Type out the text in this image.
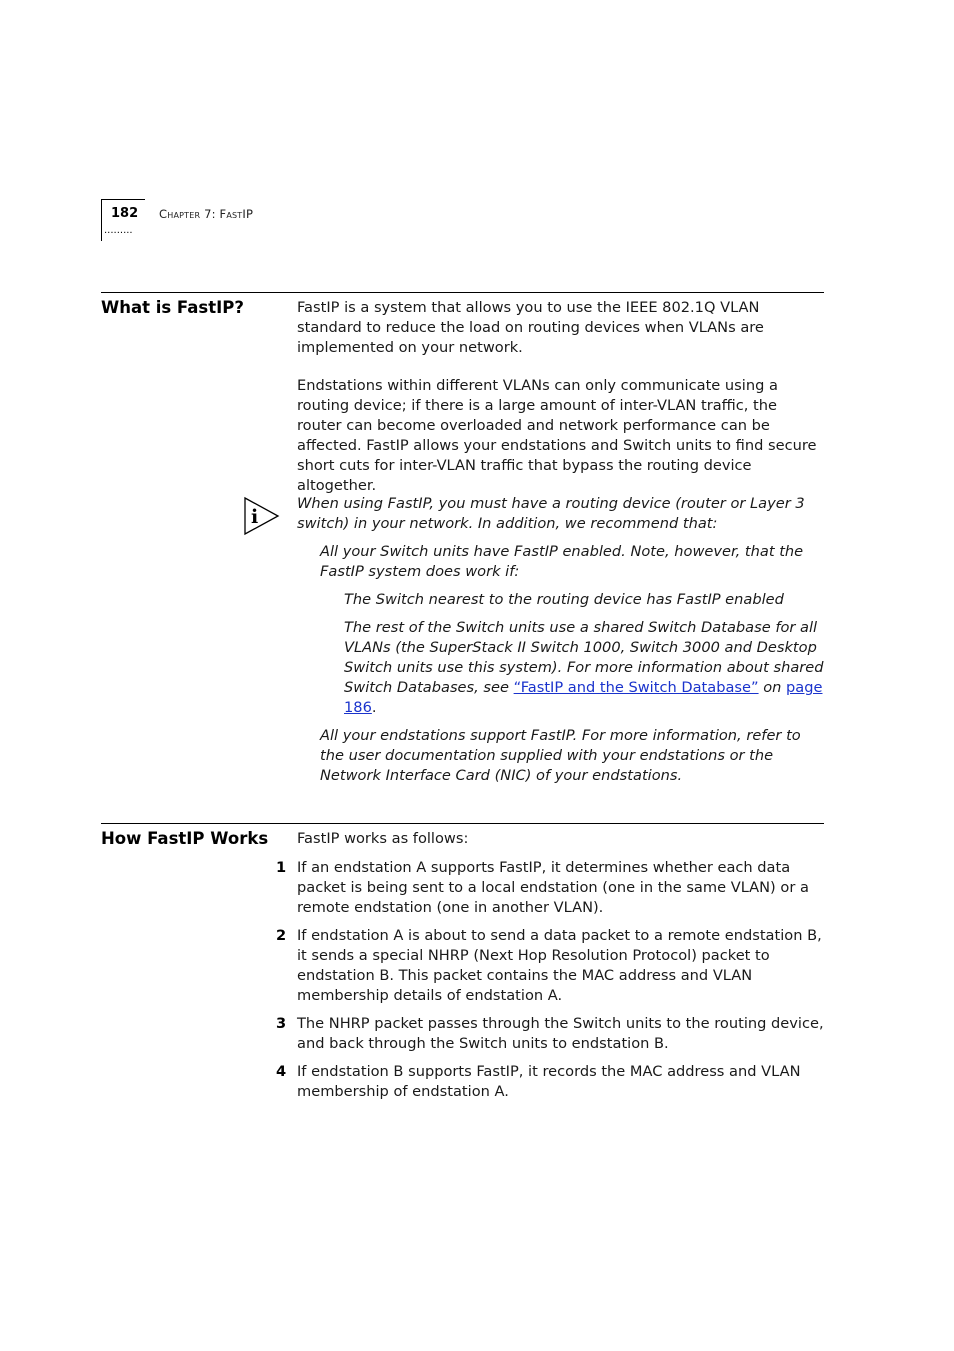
182
·········
Chapter 7: FastIP
What is FastIP?	FastIP is a system that allows you to use the IEEE 802.1Q VLAN standard to reduce the load on routing devices when VLANs are implemented on your network.

Endstations within different VLANs can only communicate using a routing device; if there is a large amount of inter-VLAN traffic, the router can become overloaded and network performance can be affected. FastIP allows your endstations and Switch units to find secure short cuts for inter-VLAN traffic that bypass the routing device altogether.

i

When using FastIP, you must have a routing device (router or Layer 3 switch) in your network. In addition, we recommend that:

All your Switch units have FastIP enabled. Note, however, that the FastIP system does work if:

The Switch nearest to the routing device has FastIP enabled

The rest of the Switch units use a shared Switch Database for all VLANs (the SuperStack II Switch 1000, Switch 3000 and Desktop Switch units use this system). For more information about shared Switch Databases, see “FastIP and the Switch Database” on page 186.

All your endstations support FastIP. For more information, refer to the user documentation supplied with your endstations or the Network Interface Card (NIC) of your endstations.

How FastIP Works FastIP works as follows:

1 If an endstation A supports FastIP, it determines whether each data packet is being sent to a local endstation (one in the same VLAN) or a remote endstation (one in another VLAN).

2 If endstation A is about to send a data packet to a remote endstation B, it sends a special NHRP (Next Hop Resolution Protocol) packet to endstation B. This packet contains the MAC address and VLAN membership details of endstation A.

3 The NHRP packet passes through the Switch units to the routing device, and back through the Switch units to endstation B.

4 If endstation B supports FastIP, it records the MAC address and VLAN membership of endstation A.
